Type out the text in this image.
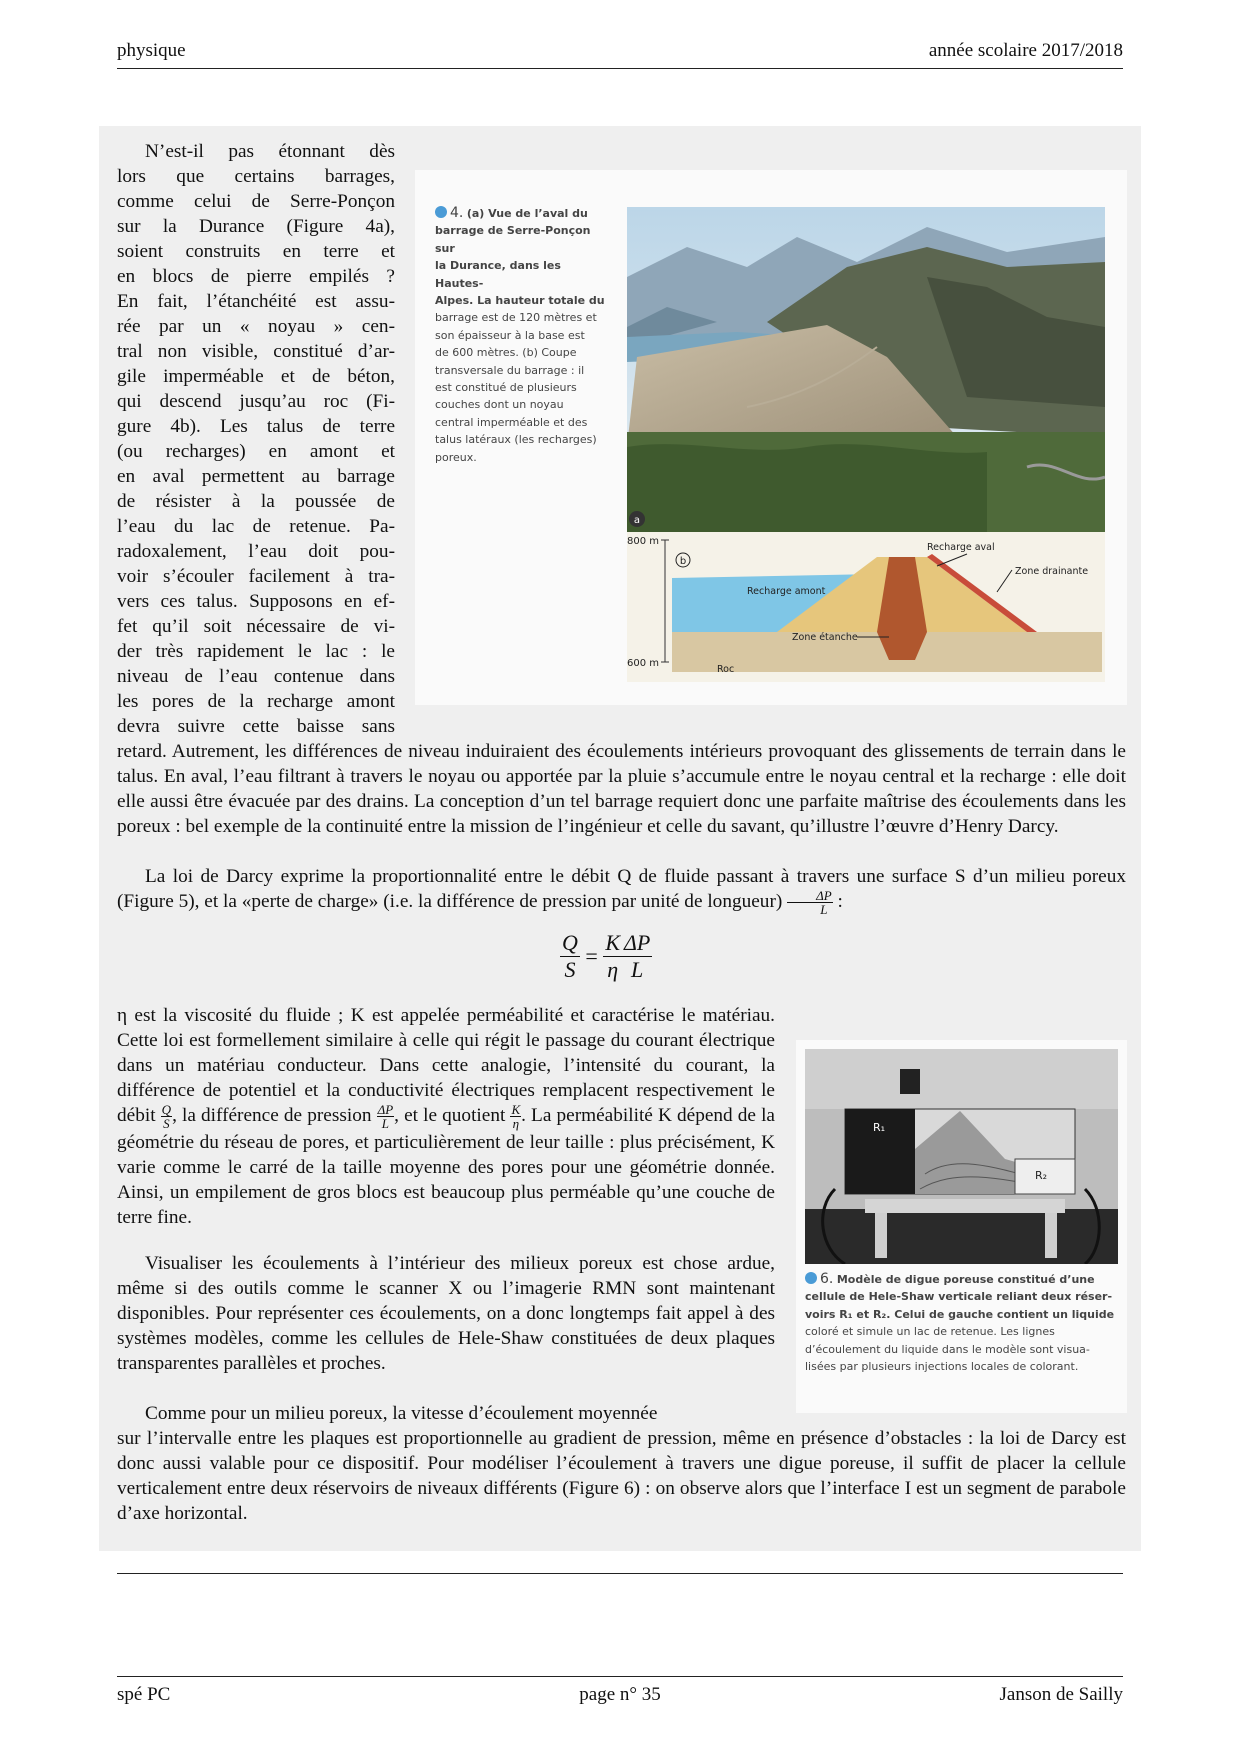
physique	année scolaire 2017/2018
N’est-il pas étonnant dès
lors que certains barrages,
comme celui de Serre-Ponçon
sur la Durance (Figure 4a),
soient construits en terre et
en blocs de pierre empilés ?
En fait, l’étanchéité est assu-
rée par un « noyau » cen-
tral non visible, constitué d’ar-
gile imperméable et de béton,
qui descend jusqu’au roc (Fi-
gure 4b). Les talus de terre
(ou recharges) en amont et
en aval permettent au barrage
de résister à la poussée de
l’eau du lac de retenue. Pa-
radoxalement, l’eau doit pou-
voir s’écouler facilement à tra-
vers ces talus. Supposons en ef-
fet qu’il soit nécessaire de vi-
der très rapidement le lac : le
niveau de l’eau contenue dans
les pores de la recharge amont
devra suivre cette baisse sans
4. (a) Vue de l’aval du
barrage de Serre-Ponçon sur
la Durance, dans les Hautes-
Alpes. La hauteur totale du
barrage est de 120 mètres et
son épaisseur à la base est
de 600 mètres. (b) Coupe
transversale du barrage : il
est constitué de plusieurs
couches dont un noyau
central imperméable et des
talus latéraux (les recharges)
poreux.
a
800 m
600 m
b
Recharge aval
Zone drainante
Recharge amont
Zone étanche
Roc

retard. Autrement, les différences de niveau induiraient des écoulements intérieurs provoquant des glissements de terrain dans le talus. En aval, l’eau filtrant à travers le noyau ou apportée par la pluie s’accumule entre le noyau central et la recharge : elle doit elle aussi être évacuée par des drains. La conception d’un tel barrage requiert donc une parfaite maîtrise des écoulements dans les poreux : bel exemple de la continuité entre la mission de l’ingénieur et celle du savant, qu’illustre l’œuvre d’Henry Darcy.

La loi de Darcy exprime la proportionnalité entre le débit Q de fluide passant à travers une surface S d’un milieu poreux (Figure 5), et la «perte de charge» (i.e. la différence de pression par unité de longueur) $\frac{\Delta P}{L}$ :

$\frac{Q}{S} = \frac{K}{\eta} \frac{\Delta P}{L}$

η est la viscosité du fluide ; K est appelée perméabilité et caractérise le matériau. Cette loi est formellement similaire à celle qui régit le passage du courant électrique dans un matériau conducteur. Dans cette analogie, l’intensité du courant, la différence de potentiel et la conductivité électriques remplacent respectivement le débit $\frac{Q}{S}$ , la différence de pression $\frac{\Delta P}{L}$ , et le quotient $\frac{K}{\eta}$ . La perméabilité K dépend de la géométrie du réseau de pores, et particulièrement de leur taille : plus précisément, K varie comme le carré de la taille moyenne des pores pour une géométrie donnée. Ainsi, un empilement de gros blocs est beaucoup plus perméable qu’une couche de terre fine.

Visualiser les écoulements à l’intérieur des milieux poreux est chose ardue, même si des outils comme le scanner X ou l’imagerie RMN sont maintenant disponibles. Pour représenter ces écoulements, on a donc longtemps fait appel à des systèmes modèles, comme les cellules de Hele-Shaw constituées de deux plaques transparentes parallèles et proches.

Comme pour un milieu poreux, la vitesse d’écoulement moyennée

sur l’intervalle entre les plaques est proportionnelle au gradient de pression, même en présence d’obstacles : la loi de Darcy est donc aussi valable pour ce dispositif. Pour modéliser l’écoulement à travers une digue poreuse, il suffit de placer la cellule verticalement entre deux réservoirs de niveaux différents (Figure 6) : on observe alors que l’interface I est un segment de parabole d’axe horizontal.

R₁
R₂
6. Modèle de digue poreuse constitué d’une
cellule de Hele-Shaw verticale reliant deux réser-
voirs R₁ et R₂. Celui de gauche contient un liquide
coloré et simule un lac de retenue. Les lignes
d’écoulement du liquide dans le modèle sont visua-
lisées par plusieurs injections locales de colorant.
spé PC	page n° 35	Janson de Sailly
